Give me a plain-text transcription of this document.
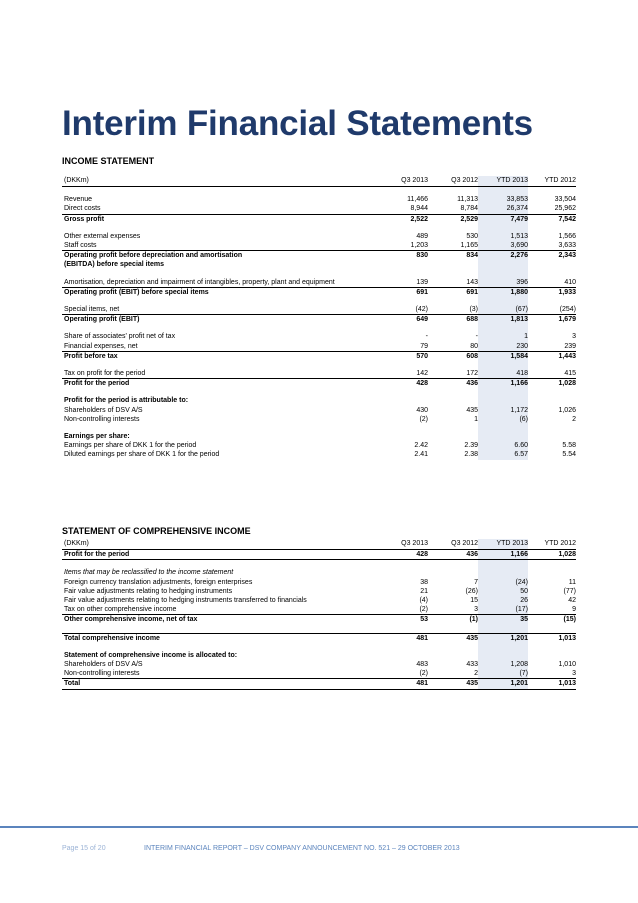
Interim Financial Statements
INCOME STATEMENT
(DKKm)	Q3 2013	Q3 2012	YTD 2013	YTD 2012

Revenue	11,466	11,313	33,853	33,504
Direct costs	8,944	8,784	26,374	25,962
Gross profit	2,522	2,529	7,479	7,542

Other external expenses	489	530	1,513	1,566
Staff costs	1,203	1,165	3,690	3,633
Operating profit before depreciation and amortisation	830	834	2,276	2,343
(EBITDA) before special items				

Amortisation, depreciation and impairment of intangibles, property, plant and equipment	139	143	396	410
Operating profit (EBIT) before special items	691	691	1,880	1,933

Special items, net	(42)	(3)	(67)	(254)
Operating profit (EBIT)	649	688	1,813	1,679

Share of associates' profit net of tax	-	-	1	3
Financial expenses, net	79	80	230	239
Profit before tax	570	608	1,584	1,443

Tax on profit for the period	142	172	418	415
Profit for the period	428	436	1,166	1,028

Profit for the period is attributable to:				
Shareholders of DSV A/S	430	435	1,172	1,026
Non-controlling interests	(2)	1	(6)	2

Earnings per share:				
Earnings per share of DKK 1 for the period	2.42	2.39	6.60	5.58
Diluted earnings per share of DKK 1 for the period	2.41	2.38	6.57	5.54
STATEMENT OF COMPREHENSIVE INCOME
(DKKm)	Q3 2013	Q3 2012	YTD 2013	YTD 2012
Profit for the period	428	436	1,166	1,028

Items that may be reclassified to the income statement				
Foreign currency translation adjustments, foreign enterprises	38	7	(24)	11
Fair value adjustments relating to hedging instruments	21	(26)	50	(77)
Fair value adjustments relating to hedging instruments transferred to financials	(4)	15	26	42
Tax on other comprehensive income	(2)	3	(17)	9
Other comprehensive income, net of tax	53	(1)	35	(15)

Total comprehensive income	481	435	1,201	1,013

Statement of comprehensive income is allocated to:				
Shareholders of DSV A/S	483	433	1,208	1,010
Non-controlling interests	(2)	2	(7)	3
Total	481	435	1,201	1,013
Page 15 of 20	INTERIM FINANCIAL REPORT – DSV COMPANY ANNOUNCEMENT NO. 521 – 29 OCTOBER 2013
